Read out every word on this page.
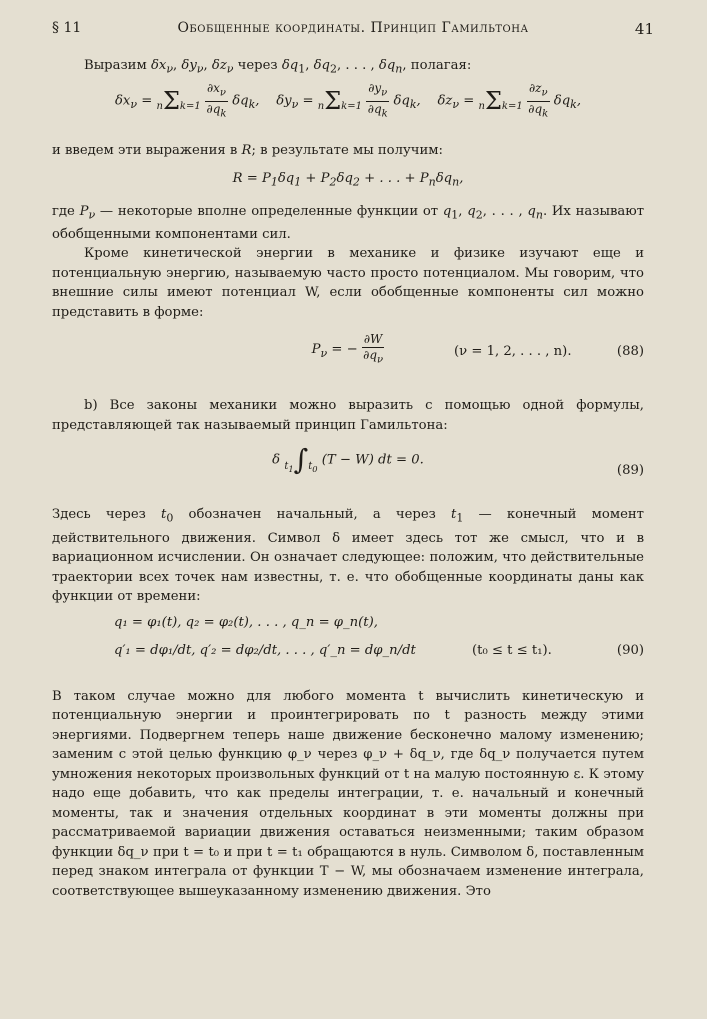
§ 11	Обобщенные координаты. Принцип Гамильтона	41

Выразим $\delta x_\nu$, $\delta y_\nu$, $\delta z_\nu$ через $\delta q_1$, $\delta q_2$, . . . , $\delta q_n$, полагая:

$\delta x_\nu = n\Sigma k=1 \frac{\partial x_\nu}{\partial q_k} \delta q_k$,    $\delta y_\nu = n\Sigma k=1 \frac{\partial y_\nu}{\partial q_k} \delta q_k$,    $\delta z_\nu = n\Sigma k=1 \frac{\partial z_\nu}{\partial q_k} \delta q_k$,

и введем эти выражения в R; в результате мы получим:

$R = P_1\delta q_1 + P_2\delta q_2$ + . . . + $P_n\delta q_n$,

где $P_\nu$ — некоторые вполне определенные функции от $q_1$, $q_2$, . . . , $q_n$. Их называют обобщенными компонентами сил.

Кроме кинетической энергии в механике и физике изучают еще и потенциальную энергию, называемую часто просто потенциалом. Мы говорим, что внешние силы имеют потенциал W, если обобщенные компоненты сил можно представить в форме:

$P_\nu$ = − $\frac{\partial W}{\partial q_\nu}$	(ν = 1, 2, . . . , n).	(88)

b) Все законы механики можно выразить с помощью одной формулы, представляющей так называемый принцип Гамильтона:

δ $t_1\int t_0$ (T − W) dt = 0.
(89)

Здесь через $t_0$ обозначен начальный, а через $t_1$ — конечный момент действительного движения. Символ δ имеет здесь тот же смысл, что и в вариационном исчислении. Он означает следующее: положим, что действительные траектории всех точек нам известны, т. е. что обобщенные координаты даны как функции от времени:

q₁ = φ₁(t), q₂ = φ₂(t), . . . , q_n = φ_n(t),
q′₁ = dφ₁/dt, q′₂ = dφ₂/dt, . . . , q′_n = dφ_n/dt	(t₀ ≤ t ≤ t₁).	(90)

В таком случае можно для любого момента t вычислить кинетическую и потенциальную энергии и проинтегрировать по t разность между этими энергиями. Подвергнем теперь наше движение бесконечно малому изменению; заменим с этой целью функцию φ_ν через φ_ν + δq_ν, где δq_ν получается путем умножения некоторых произвольных функций от t на малую постоянную ε. К этому надо еще добавить, что как пределы интеграции, т. е. начальный и конечный моменты, так и значения отдельных координат в эти моменты должны при рассматриваемой вариации движения оставаться неизменными; таким образом функции δq_ν при t = t₀ и при t = t₁ обращаются в нуль. Символом δ, поставленным перед знаком интеграла от функции T − W, мы обозначаем изменение интеграла, соответствующее вышеуказанному изменению движения. Это
